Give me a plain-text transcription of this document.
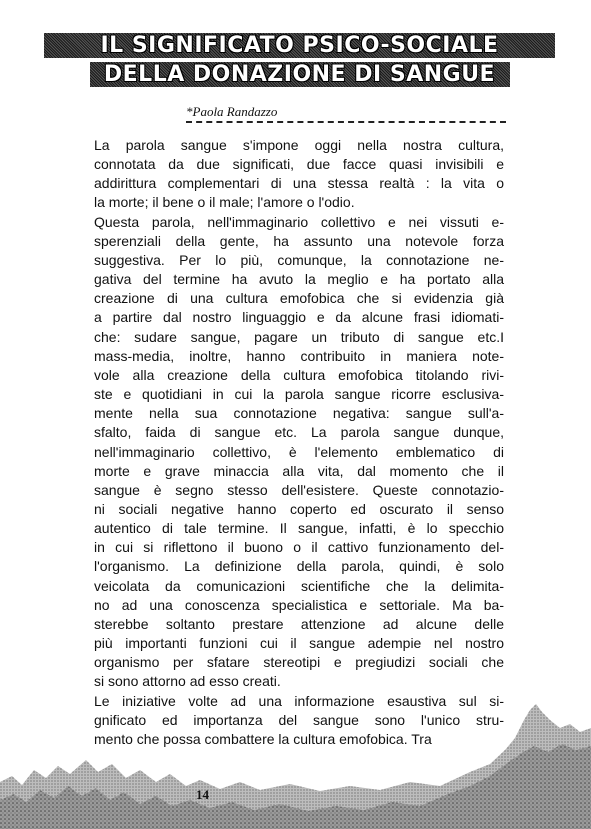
IL SIGNIFICATO PSICO-SOCIALE
DELLA DONAZIONE DI SANGUE
*Paola Randazzo
La parola sangue s'impone oggi nella nostra cultura,
connotata da due significati, due facce quasi invisibili e
addirittura complementari di una stessa realtà : la vita o
la morte; il bene o il male; l'amore o l'odio.
Questa parola, nell'immaginario collettivo e nei vissuti e-
sperenziali della gente, ha assunto una notevole forza
suggestiva. Per lo più, comunque, la connotazione ne-
gativa del termine ha avuto la meglio e ha portato alla
creazione di una cultura emofobica che si evidenzia già
a partire dal nostro linguaggio e da alcune frasi idiomati-
che: sudare sangue, pagare un tributo di sangue etc.I
mass-media, inoltre, hanno contribuito in maniera note-
vole alla creazione della cultura emofobica titolando rivi-
ste e quotidiani in cui la parola sangue ricorre esclusiva-
mente nella sua connotazione negativa: sangue sull'a-
sfalto, faida di sangue etc. La parola sangue dunque,
nell'immaginario collettivo, è l'elemento emblematico di
morte e grave minaccia alla vita, dal momento che il
sangue è segno stesso dell'esistere. Queste connotazio-
ni sociali negative hanno coperto ed oscurato il senso
autentico di tale termine. Il sangue, infatti, è lo specchio
in cui si riflettono il buono o il cattivo funzionamento del-
l'organismo. La definizione della parola, quindi, è solo
veicolata da comunicazioni scientifiche che la delimita-
no ad una conoscenza specialistica e settoriale. Ma ba-
sterebbe soltanto prestare attenzione ad alcune delle
più importanti funzioni cui il sangue adempie nel nostro
organismo per sfatare stereotipi e pregiudizi sociali che
si sono attorno ad esso creati.
Le iniziative volte ad una informazione esaustiva sul si-
gnificato ed importanza del sangue sono l'unico stru-
mento che possa combattere la cultura emofobica. Tra
14
